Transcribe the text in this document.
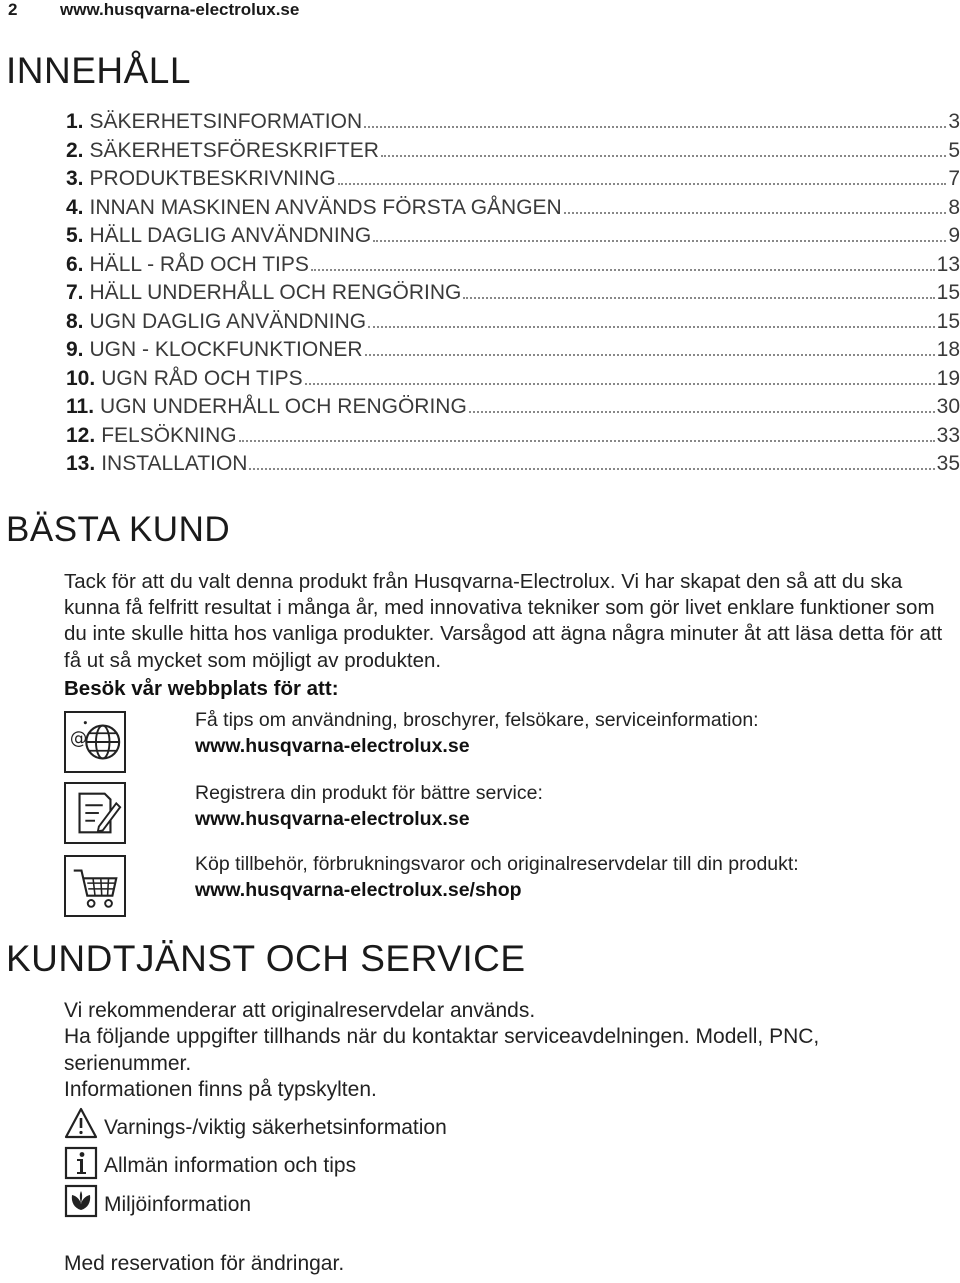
2	www.husqvarna-electrolux.se
INNEHÅLL
1. SÄKERHETSINFORMATION	3
2. SÄKERHETSFÖRESKRIFTER	5
3. PRODUKTBESKRIVNING	7
4. INNAN MASKINEN ANVÄNDS FÖRSTA GÅNGEN	8
5. HÄLL DAGLIG ANVÄNDNING	9
6. HÄLL - RÅD OCH TIPS	13
7. HÄLL UNDERHÅLL OCH RENGÖRING	15
8. UGN DAGLIG ANVÄNDNING	15
9. UGN - KLOCKFUNKTIONER	18
10. UGN RÅD OCH TIPS	19
11. UGN UNDERHÅLL OCH RENGÖRING	30
12. FELSÖKNING	33
13. INSTALLATION	35
BÄSTA KUND
Tack för att du valt denna produkt från Husqvarna-Electrolux. Vi har skapat den så att du ska kunna få felfritt resultat i många år, med innovativa tekniker som gör livet enklare funktioner som du inte skulle hitta hos vanliga produkter. Varsågod att ägna några minuter åt att läsa detta för att få ut så mycket som möjligt av produkten.
Besök vår webbplats för att:
@
Få tips om användning, broschyrer, felsökare, serviceinformation:
www.husqvarna-electrolux.se
Registrera din produkt för bättre service:
www.husqvarna-electrolux.se
Köp tillbehör, förbrukningsvaror och originalreservdelar till din produkt:
www.husqvarna-electrolux.se/shop
KUNDTJÄNST OCH SERVICE
Vi rekommenderar att originalreservdelar används.
Ha följande uppgifter tillhands när du kontaktar serviceavdelningen. Modell, PNC, serienummer.
Informationen finns på typskylten.
Varnings-/viktig säkerhetsinformation
Allmän information och tips
Miljöinformation
Med reservation för ändringar.
